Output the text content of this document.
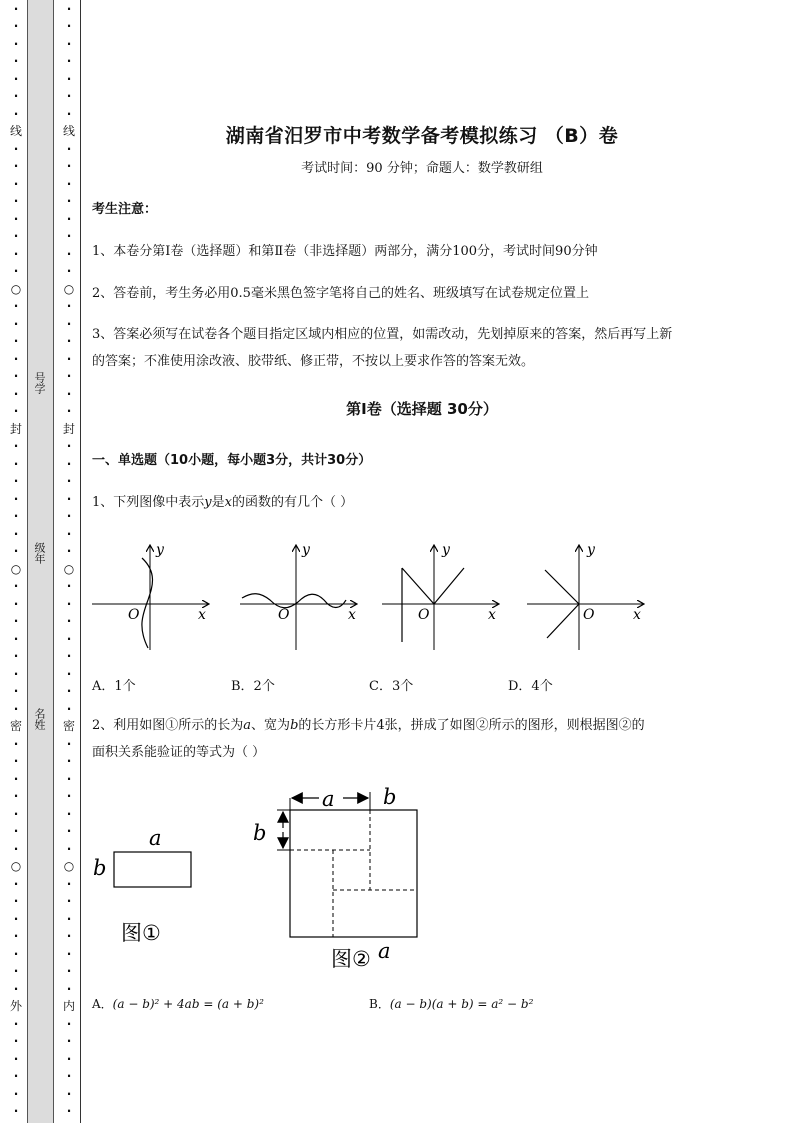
·
·
·
·
·
·
·
线
·
·
·
·
·
·
·
·
○
·
·
·
·
·
·
·
封
·
·
·
·
·
·
·
○
·
·
·
·
·
·
·
·
密
·
·
·
·
·
·
·
○
·
·
·
·
·
·
·
外
·
·
·
·
·
·
·
·
·
·
·
·
·
线
·
·
·
·
·
·
·
·
○
·
·
·
·
·
·
·
封
·
·
·
·
·
·
·
○
·
·
·
·
·
·
·
·
密
·
·
·
·
·
·
·
○
·
·
·
·
·
·
·
内
·
·
·
·
·
·
号学
级年
名姓
湖南省汨罗市中考数学备考模拟练习 （B）卷
考试时间：90 分钟；命题人：数学教研组
考生注意：
1、本卷分第Ⅰ卷（选择题）和第Ⅱ卷（非选择题）两部分，满分100分，考试时间90分钟
2、答卷前，考生务必用0.5毫米黑色签字笔将自己的姓名、班级填写在试卷规定位置上
3、答案必须写在试卷各个题目指定区域内相应的位置，如需改动，先划掉原来的答案，然后再写上新
的答案；不准使用涂改液、胶带纸、修正带，不按以上要求作答的答案无效。
第Ⅰ卷（选择题 30分）
一、单选题（10小题，每小题3分，共计30分）
1、下列图像中表示y是x的函数的有几个（ ）
y
x
O
y
x
O
y
x
O
y
x
O
A．1个	B．2个	C．3个	D．4个
2、利用如图①所示的长为a、宽为b的长方形卡片4张，拼成了如图②所示的图形，则根据图②的
面积关系能验证的等式为（ ）
a
b
图①
a b
b
图② a
A．(a − b)² + 4ab = (a + b)²	B．(a − b)(a + b) = a² − b²
